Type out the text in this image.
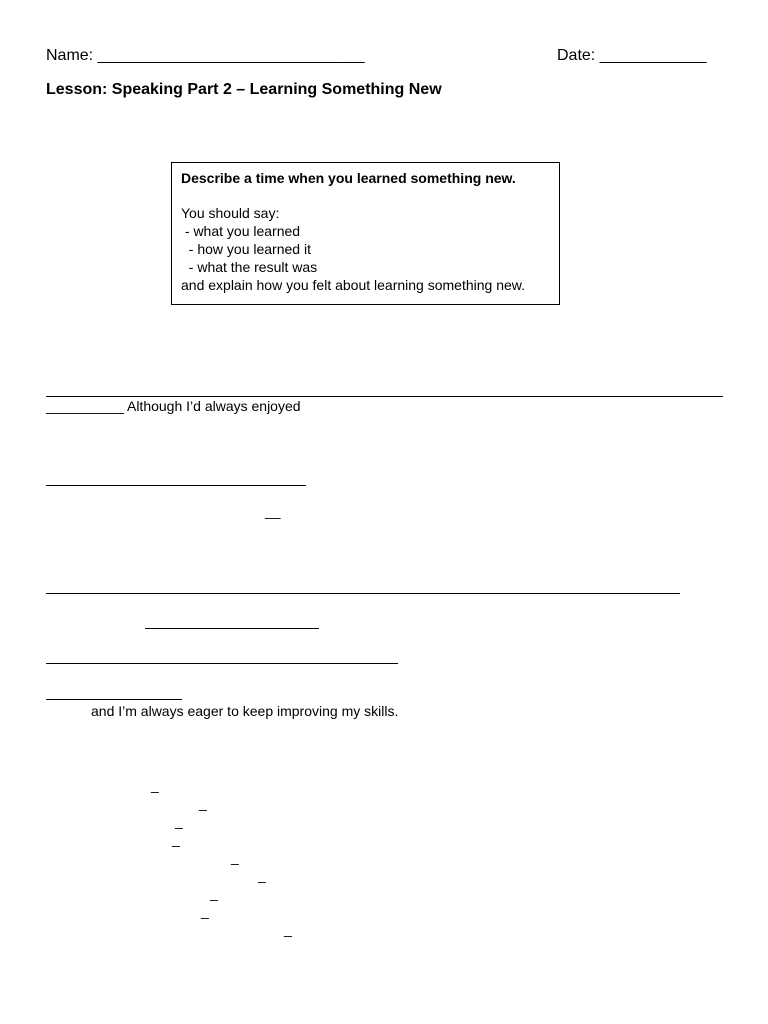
Name: ______________________________	Date: ____________
Lesson: Speaking Part 2 – Learning Something New
Describe a time when you learned something new.
You should say:
- what you learned
- how you learned it
- what the result was
and explain how you felt about learning something new.
__________ Although I’d always enjoyed
__
and I’m always eager to keep improving my skills.
_
_
_
_
_
_
_
_
_
